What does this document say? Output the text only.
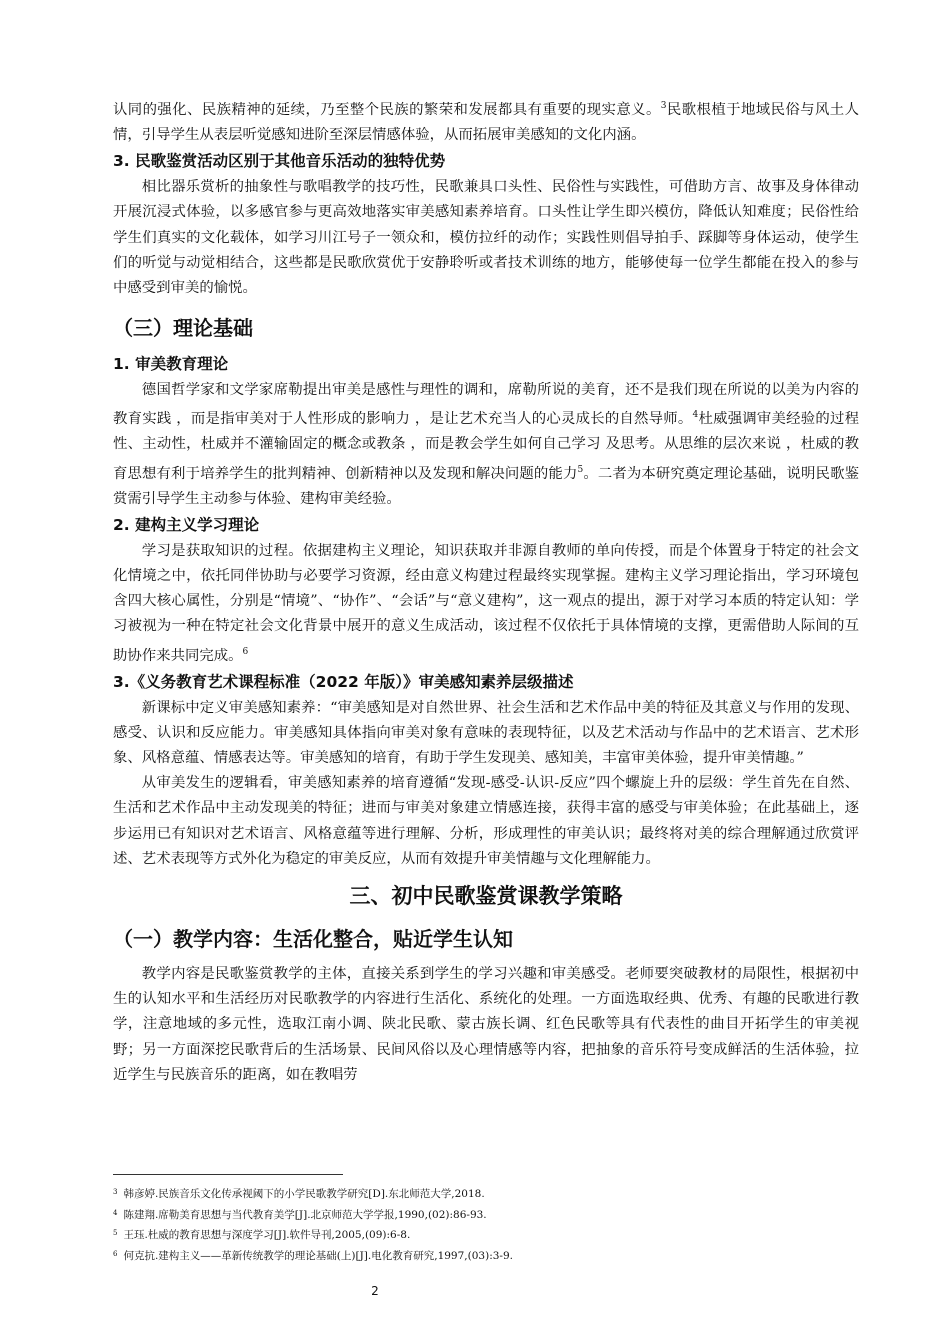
认同的强化、民族精神的延续，乃至整个民族的繁荣和发展都具有重要的现实意义。$^3$民歌根植于地域民俗与风土人情，引导学生从表层听觉感知进阶至深层情感体验，从而拓展审美感知的文化内涵。

3. 民歌鉴赏活动区别于其他音乐活动的独特优势

相比器乐赏析的抽象性与歌唱教学的技巧性，民歌兼具口头性、民俗性与实践性，可借助方言、故事及身体律动开展沉浸式体验，以多感官参与更高效地落实审美感知素养培育。口头性让学生即兴模仿，降低认知难度；民俗性给学生们真实的文化载体，如学习川江号子一领众和，模仿拉纤的动作；实践性则倡导拍手、踩脚等身体运动，使学生们的听觉与动觉相结合，这些都是民歌欣赏优于安静聆听或者技术训练的地方，能够使每一位学生都能在投入的参与中感受到审美的愉悦。

（三）理论基础

1. 审美教育理论

德国哲学家和文学家席勒提出审美是感性与理性的调和，席勒所说的美育，还不是我们现在所说的以美为内容的教育实践 ，而是指审美对于人性形成的影响力 ，是让艺术充当人的心灵成长的自然导师。$^4$杜威强调审美经验的过程性、主动性，杜威并不灌输固定的概念或教条 ，而是教会学生如何自己学习 及思考。从思维的层次来说 ，杜威的教育思想有利于培养学生的批判精神、创新精神以及发现和解决问题的能力$^5$。二者为本研究奠定理论基础，说明民歌鉴赏需引导学生主动参与体验、建构审美经验。

2. 建构主义学习理论

学习是获取知识的过程。依据建构主义理论，知识获取并非源自教师的单向传授，而是个体置身于特定的社会文化情境之中，依托同伴协助与必要学习资源，经由意义构建过程最终实现掌握。建构主义学习理论指出，学习环境包含四大核心属性，分别是“情境”、“协作”、“会话”与“意义建构”，这一观点的提出，源于对学习本质的特定认知：学习被视为一种在特定社会文化背景中展开的意义生成活动，该过程不仅依托于具体情境的支撑，更需借助人际间的互助协作来共同完成。$^6$

3.《义务教育艺术课程标准（2022 年版）》审美感知素养层级描述

新课标中定义审美感知素养：“审美感知是对自然世界、社会生活和艺术作品中美的特征及其意义与作用的发现、感受、认识和反应能力。审美感知具体指向审美对象有意味的表现特征，以及艺术活动与作品中的艺术语言、艺术形象、风格意蕴、情感表达等。审美感知的培育，有助于学生发现美、感知美，丰富审美体验，提升审美情趣。”

从审美发生的逻辑看，审美感知素养的培育遵循“发现-感受-认识-反应”四个螺旋上升的层级：学生首先在自然、生活和艺术作品中主动发现美的特征；进而与审美对象建立情感连接，获得丰富的感受与审美体验；在此基础上，逐步运用已有知识对艺术语言、风格意蕴等进行理解、分析，形成理性的审美认识；最终将对美的综合理解通过欣赏评述、艺术表现等方式外化为稳定的审美反应，从而有效提升审美情趣与文化理解能力。

三、初中民歌鉴赏课教学策略

（一）教学内容：生活化整合，贴近学生认知

教学内容是民歌鉴赏教学的主体，直接关系到学生的学习兴趣和审美感受。老师要突破教材的局限性，根据初中生的认知水平和生活经历对民歌教学的内容进行生活化、系统化的处理。一方面选取经典、优秀、有趣的民歌进行教学，注意地域的多元性，选取江南小调、陕北民歌、蒙古族长调、红色民歌等具有代表性的曲目开拓学生的审美视野；另一方面深挖民歌背后的生活场景、民间风俗以及心理情感等内容，把抽象的音乐符号变成鲜活的生活体验，拉近学生与民族音乐的距离，如在教唱劳

$^3$ 韩彦婷.民族音乐文化传承视阈下的小学民歌教学研究[D].东北师范大学,2018.

$^4$ 陈建翔.席勒美育思想与当代教育美学[J].北京师范大学学报,1990,(02):86-93.

$^5$ 王珏.杜威的教育思想与深度学习[J].软件导刊,2005,(09):6-8.

$^6$ 何克抗.建构主义——革新传统教学的理论基础(上)[J].电化教育研究,1997,(03):3-9.

2
